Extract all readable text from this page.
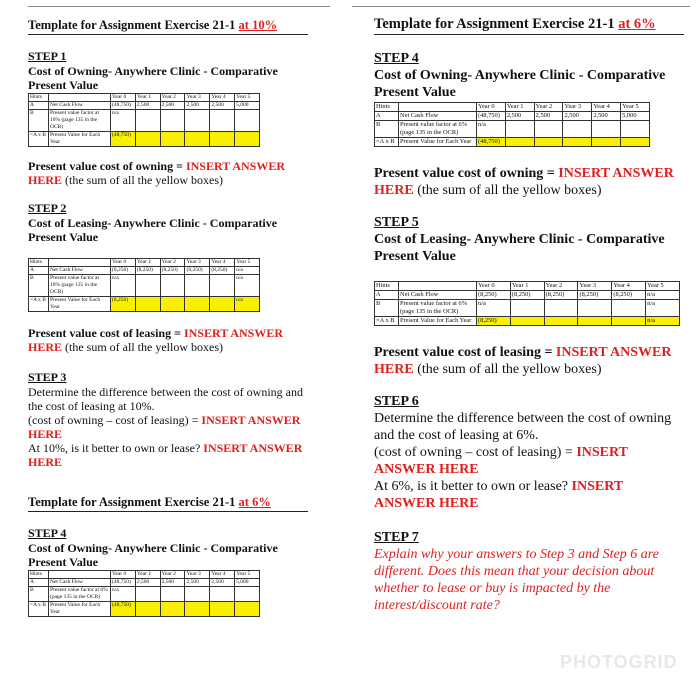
Template for Assignment Exercise 21-1 at 10%
STEP 1
Cost of Owning- Anywhere Clinic - Comparative Present Value
Hints		Year 0	Year 1	Year 2	Year 3	Year 4	Year 5
A	Net Cash Flow	(48,750)	2,500	2,500	2,500	2,500	5,000
B	Present value factor at 10% (page 135 in the OCR)	n/a					
=A x B	Present Value for Each Year	(48,750)					
Present value cost of owning = INSERT ANSWER HERE (the sum of all the yellow boxes)
STEP 2
Cost of Leasing- Anywhere Clinic - Comparative Present Value
Hints		Year 0	Year 1	Year 2	Year 3	Year 4	Year 5
A	Net Cash Flow	(8,250)	(8,250)	(8,250)	(8,250)	(8,250)	n/a
B	Present value factor at 10% (page 135 in the OCR)	n/a					n/a
=A x B	Present Value for Each Year	(8,250)					n/a
Present value cost of leasing = INSERT ANSWER HERE (the sum of all the yellow boxes)
STEP 3
Determine the difference between the cost of owning and the cost of leasing at 10%.
(cost of owning – cost of leasing) = INSERT ANSWER HERE
At 10%, is it better to own or lease? INSERT ANSWER HERE
Template for Assignment Exercise 21-1 at 6%
STEP 4
Cost of Owning- Anywhere Clinic - Comparative Present Value
Hints		Year 0	Year 1	Year 2	Year 3	Year 4	Year 5
A	Net Cash Flow	(48,750)	2,500	2,500	2,500	2,500	5,000
B	Present value factor at 6% (page 135 in the OCR)	n/a					
=A x B	Present Value for Each Year	(48,750)					
Template for Assignment Exercise 21-1 at 6%
STEP 4
Cost of Owning- Anywhere Clinic - Comparative Present Value
Hints		Year 0	Year 1	Year 2	Year 3	Year 4	Year 5
A	Net Cash Flow	(48,750)	2,500	2,500	2,500	2,500	5,000
B	Present value factor at 6% (page 135 in the OCR)	n/a					
=A x B	Present Value for Each Year	(48,750)					
Present value cost of owning = INSERT ANSWER HERE (the sum of all the yellow boxes)
STEP 5
Cost of Leasing- Anywhere Clinic - Comparative Present Value
Hints		Year 0	Year 1	Year 2	Year 3	Year 4	Year 5
A	Net Cash Flow	(8,250)	(8,250)	(8,250)	(8,250)	(8,250)	n/a
B	Present value factor at 6% (page 135 in the OCR)	n/a					n/a
=A x B	Present Value for Each Year	(8,250)					n/a
Present value cost of leasing = INSERT ANSWER HERE (the sum of all the yellow boxes)
STEP 6
Determine the difference between the cost of owning and the cost of leasing at 6%.
(cost of owning – cost of leasing) = INSERT ANSWER HERE
At 6%, is it better to own or lease? INSERT ANSWER HERE
STEP 7
Explain why your answers to Step 3 and Step 6 are different. Does this mean that your decision about whether to lease or buy is impacted by the interest/discount rate?
PHOTOGRID
